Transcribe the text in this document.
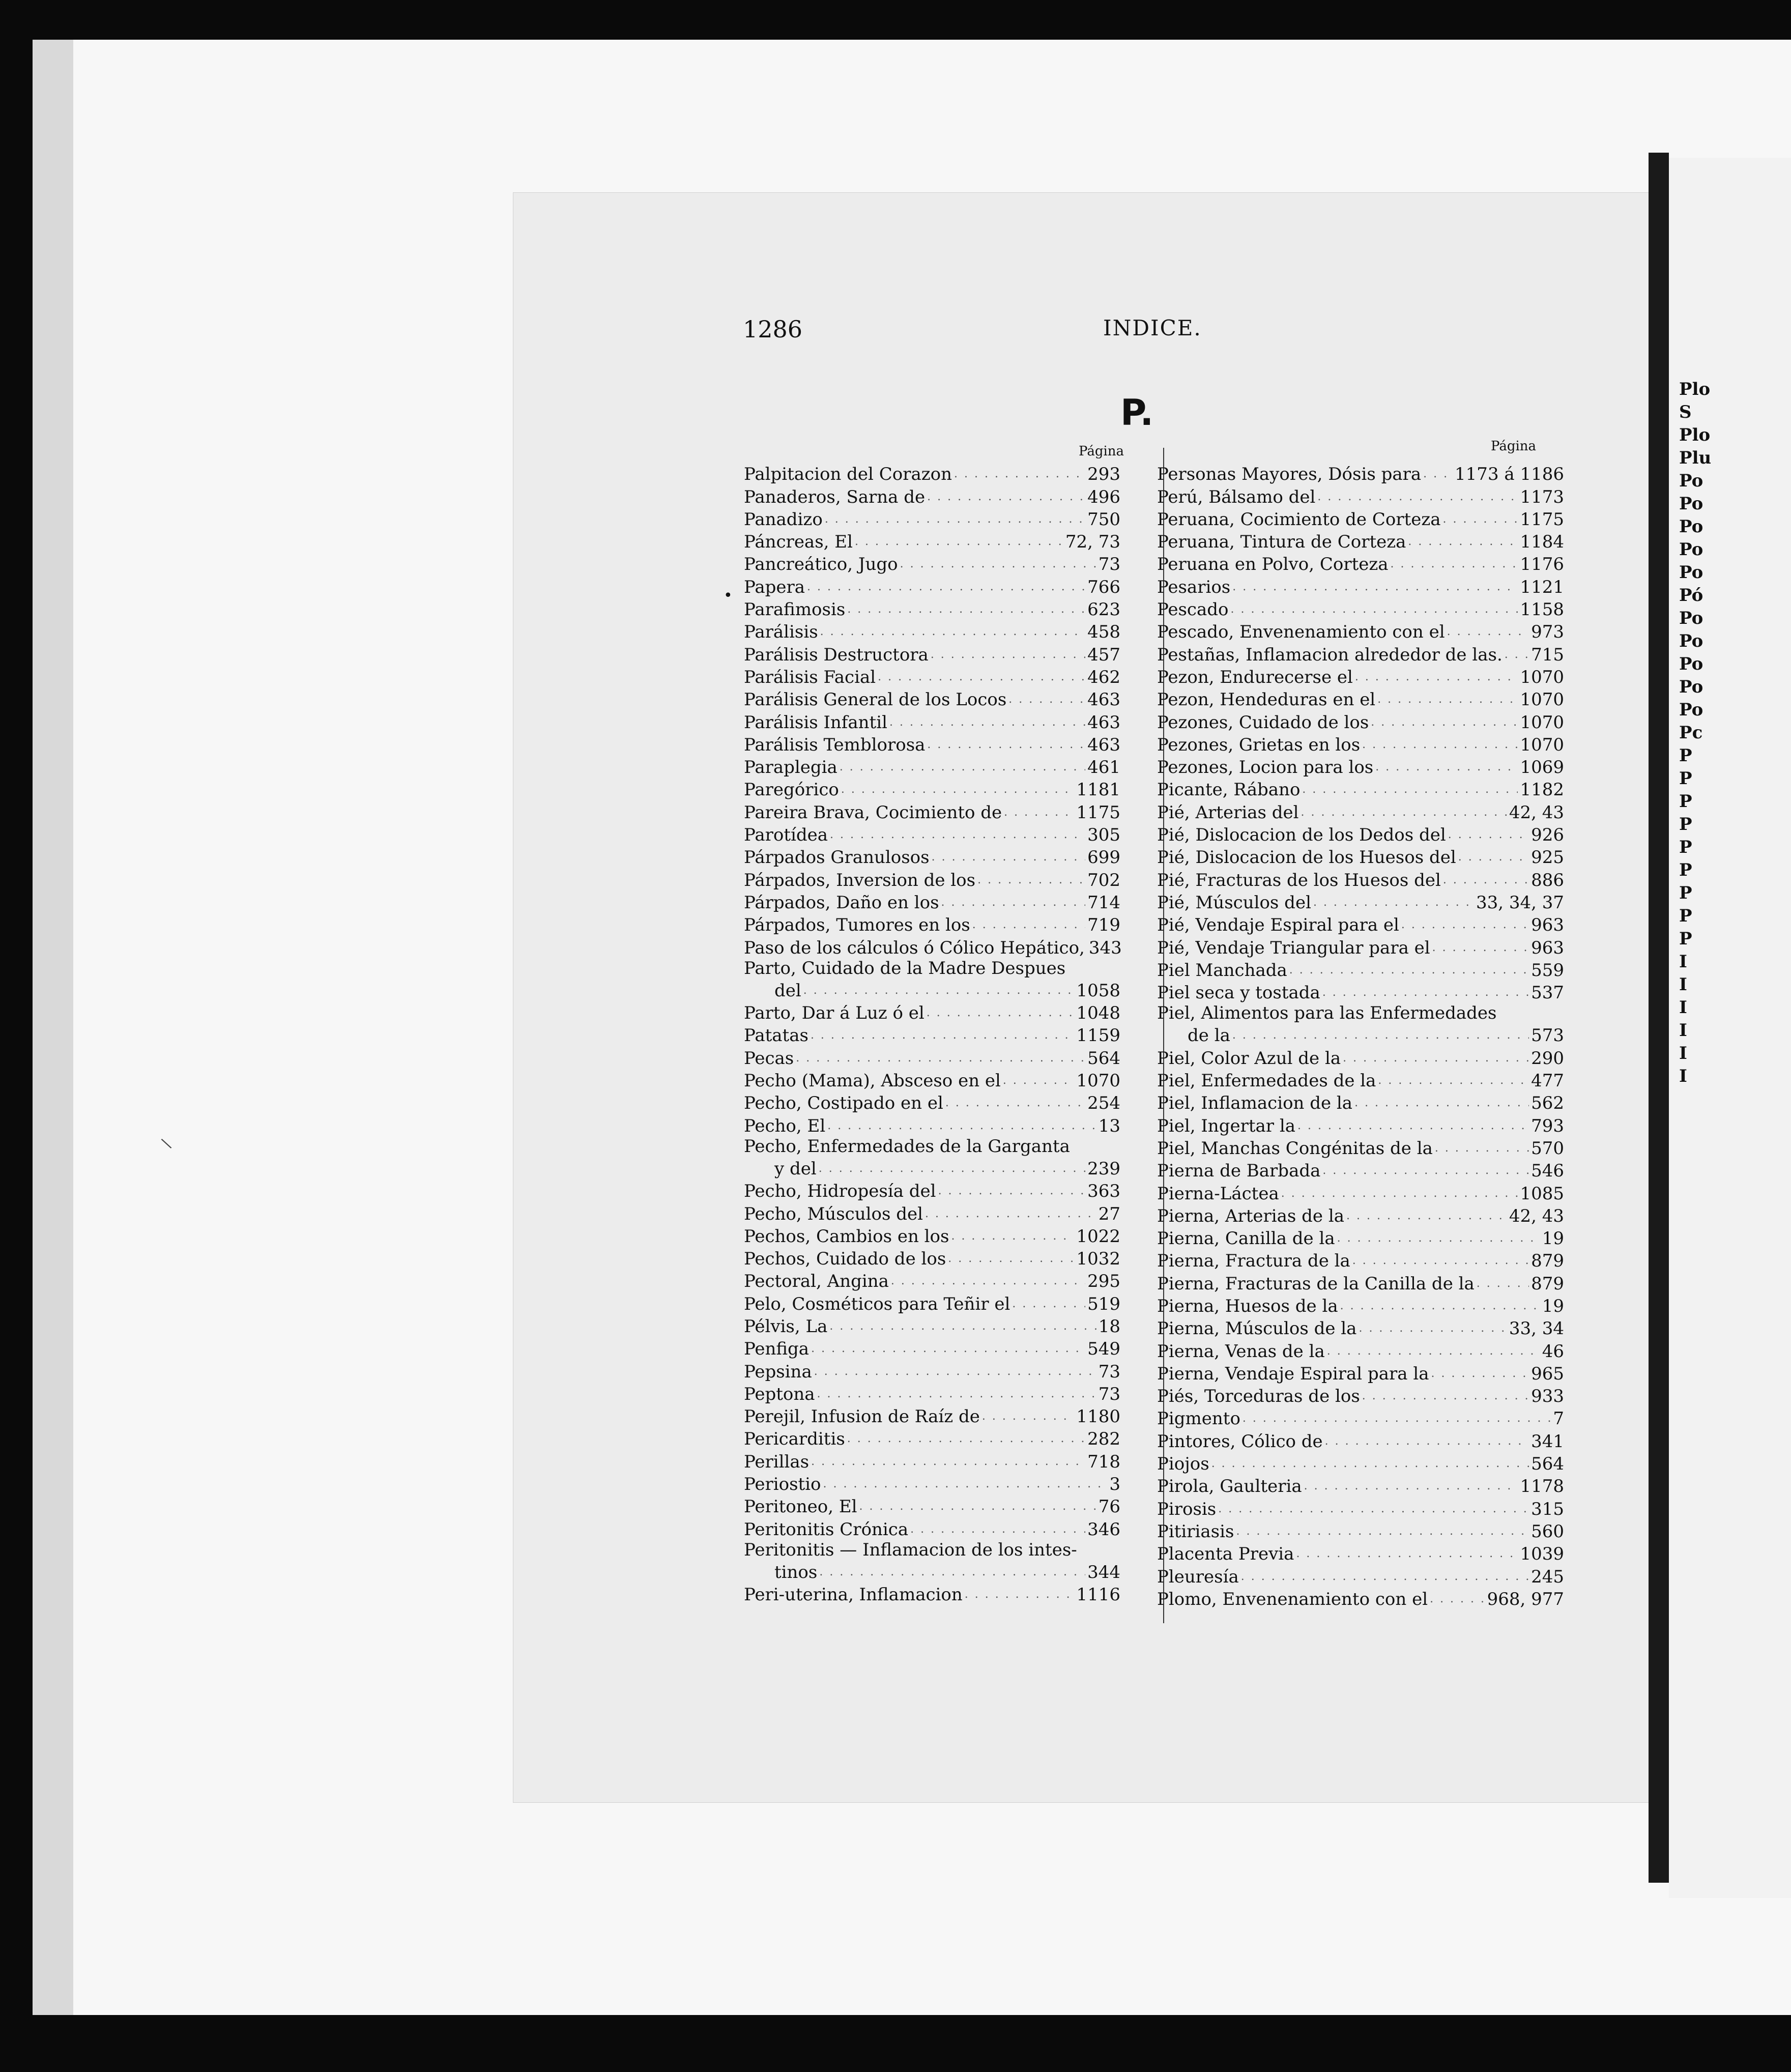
Plo
S
Plo
Plu
Po
Po
Po
Po
Po
Pó
Po
Po
Po
Po
Po
Pc
P
P
P
P
P
P
P
P
P
I
I
I
I
I
I
1286	INDICE.
P.
Página	Página
•
\
Palpitacion del Corazon . . .	293
Panaderos, Sarna de . . .	496
Panadizo . . .	750
Páncreas, El . . .	72, 73
Pancreático, Jugo . . .	73
Papera . . .	766
Parafimosis . . .	623
Parálisis . . .	458
Parálisis Destructora . . .	457
Parálisis Facial . . .	462
Parálisis General de los Locos . . .	463
Parálisis Infantil . . .	463
Parálisis Temblorosa . . .	463
Paraplegia . . .	461
Paregórico . . .	1181
Pareira Brava, Cocimiento de . . .	1175
Parotídea . . .	305
Párpados Granulosos . . .	699
Párpados, Inversion de los . . .	702
Párpados, Daño en los . . .	714
Párpados, Tumores en los . . .	719
Paso de los cálculos ó Cólico Hepático, 343
Parto, Cuidado de la Madre Despues
del . . .	1058
Parto, Dar á Luz ó el . . .	1048
Patatas . . .	1159
Pecas . . .	564
Pecho (Mama), Absceso en el . . .	1070
Pecho, Costipado en el . . .	254
Pecho, El . . .	13
Pecho, Enfermedades de la Garganta
y del . . .	239
Pecho, Hidropesía del . . .	363
Pecho, Músculos del . . .	27
Pechos, Cambios en los . . .	1022
Pechos, Cuidado de los . . .	1032
Pectoral, Angina . . .	295
Pelo, Cosméticos para Teñir el . . .	519
Pélvis, La . . .	18
Penfiga . . .	549
Pepsina . . .	73
Peptona . . .	73
Perejil, Infusion de Raíz de . . .	1180
Pericarditis . . .	282
Perillas . . .	718
Periostio . . .	3
Peritoneo, El . . .	76
Peritonitis Crónica . . .	346
Peritonitis — Inflamacion de los intes-
tinos . . .	344
Peri-uterina, Inflamacion . . .	1116
Personas Mayores, Dósis para . . . 1173 á 1186
Perú, Bálsamo del . . .	1173
Peruana, Cocimiento de Corteza . . .	1175
Peruana, Tintura de Corteza . . .	1184
Peruana en Polvo, Corteza . . .	1176
Pesarios . . .	1121
Pescado . . .	1158
Pescado, Envenenamiento con el . . .	973
Pestañas, Inflamacion alrededor de las. . . . 715
Pezon, Endurecerse el . . .	1070
Pezon, Hendeduras en el . . .	1070
Pezones, Cuidado de los . . .	1070
Pezones, Grietas en los . . .	1070
Pezones, Locion para los . . .	1069
Picante, Rábano . . .	1182
Pié, Arterias del . . .	42, 43
Pié, Dislocacion de los Dedos del . . .	926
Pié, Dislocacion de los Huesos del . . .	925
Pié, Fracturas de los Huesos del . . .	886
Pié, Músculos del . . .	33, 34, 37
Pié, Vendaje Espiral para el . . .	963
Pié, Vendaje Triangular para el . . .	963
Piel Manchada . . .	559
Piel seca y tostada . . .	537
Piel, Alimentos para las Enfermedades
de la . . .	573
Piel, Color Azul de la . . .	290
Piel, Enfermedades de la . . .	477
Piel, Inflamacion de la . . .	562
Piel, Ingertar la . . .	793
Piel, Manchas Congénitas de la . . .	570
Pierna de Barbada . . .	546
Pierna-Láctea . . .	1085
Pierna, Arterias de la . . .	42, 43
Pierna, Canilla de la . . .	19
Pierna, Fractura de la . . .	879
Pierna, Fracturas de la Canilla de la . . .	879
Pierna, Huesos de la . . .	19
Pierna, Músculos de la . . .	33, 34
Pierna, Venas de la . . .	46
Pierna, Vendaje Espiral para la . . .	965
Piés, Torceduras de los . . .	933
Pigmento . . .	7
Pintores, Cólico de . . .	341
Piojos . . .	564
Pirola, Gaulteria . . .	1178
Pirosis . . .	315
Pitiriasis . . .	560
Placenta Previa . . .	1039
Pleuresía . . .	245
Plomo, Envenenamiento con el . . .	968, 977
